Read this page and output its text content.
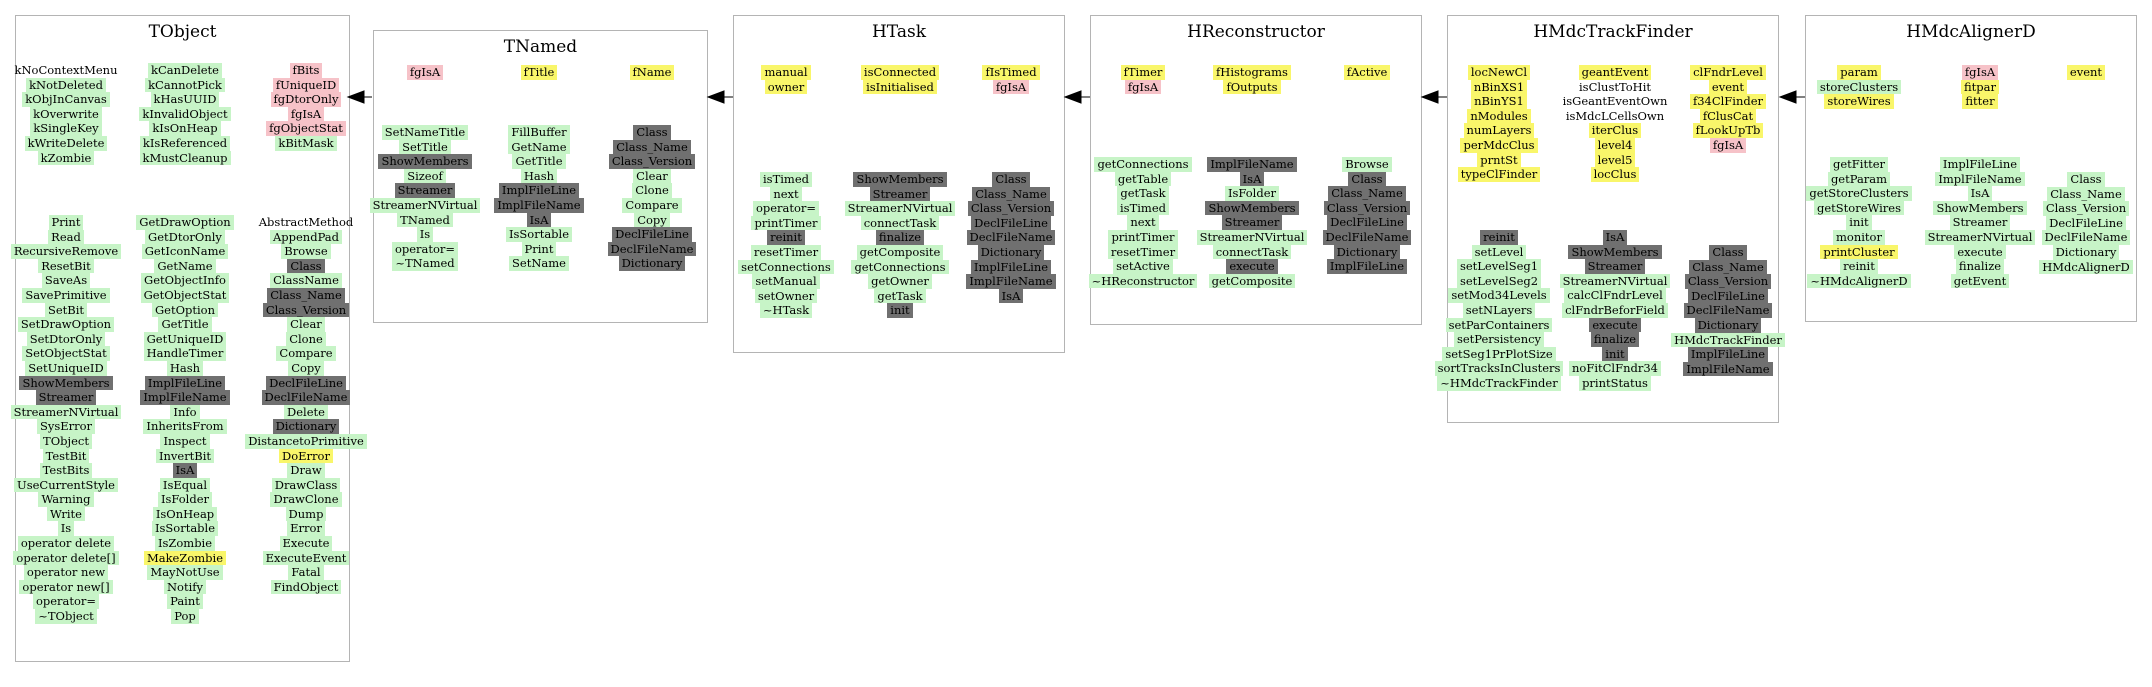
TObject
kNoContextMenu
kNotDeleted
kObjInCanvas
kOverwrite
kSingleKey
kWriteDelete
kZombie
kCanDelete
kCannotPick
kHasUUID
kInvalidObject
kIsOnHeap
kIsReferenced
kMustCleanup
fBits
fUniqueID
fgDtorOnly
fgIsA
fgObjectStat
kBitMask
Print
Read
RecursiveRemove
ResetBit
SaveAs
SavePrimitive
SetBit
SetDrawOption
SetDtorOnly
SetObjectStat
SetUniqueID
ShowMembers
Streamer
StreamerNVirtual
SysError
TObject
TestBit
TestBits
UseCurrentStyle
Warning
Write
Is
operator delete
operator delete[]
operator new
operator new[]
operator=
~TObject
GetDrawOption
GetDtorOnly
GetIconName
GetName
GetObjectInfo
GetObjectStat
GetOption
GetTitle
GetUniqueID
HandleTimer
Hash
ImplFileLine
ImplFileName
Info
InheritsFrom
Inspect
InvertBit
IsA
IsEqual
IsFolder
IsOnHeap
IsSortable
IsZombie
MakeZombie
MayNotUse
Notify
Paint
Pop
AbstractMethod
AppendPad
Browse
Class
ClassName
Class_Name
Class_Version
Clear
Clone
Compare
Copy
DeclFileLine
DeclFileName
Delete
Dictionary
DistancetoPrimitive
DoError
Draw
DrawClass
DrawClone
Dump
Error
Execute
ExecuteEvent
Fatal
FindObject
TNamed
fgIsA	fTitle	fName
SetNameTitle
SetTitle
ShowMembers
Sizeof
Streamer
StreamerNVirtual
TNamed
Is
operator=
~TNamed
FillBuffer
GetName
GetTitle
Hash
ImplFileLine
ImplFileName
IsA
IsSortable
Print
SetName
Class
Class_Name
Class_Version
Clear
Clone
Compare
Copy
DeclFileLine
DeclFileName
Dictionary
HTask
manual
owner
isConnected
isInitialised
fIsTimed
fgIsA
isTimed
next
operator=
printTimer
reinit
resetTimer
setConnections
setManual
setOwner
~HTask
ShowMembers
Streamer
StreamerNVirtual
connectTask
finalize
getComposite
getConnections
getOwner
getTask
init
Class
Class_Name
Class_Version
DeclFileLine
DeclFileName
Dictionary
ImplFileLine
ImplFileName
IsA
HReconstructor
fTimer
fgIsA
fHistograms
fOutputs
fActive
getConnections
getTable
getTask
isTimed
next
printTimer
resetTimer
setActive
~HReconstructor
ImplFileName
IsA
IsFolder
ShowMembers
Streamer
StreamerNVirtual
connectTask
execute
getComposite
Browse
Class
Class_Name
Class_Version
DeclFileLine
DeclFileName
Dictionary
ImplFileLine
HMdcTrackFinder
locNewCl
nBinXS1
nBinYS1
nModules
numLayers
perMdcClus
prntSt
typeClFinder
geantEvent
isClustToHit
isGeantEventOwn
isMdcLCellsOwn
iterClus
level4
level5
locClus
clFndrLevel
event
f34ClFinder
fClusCat
fLookUpTb
fgIsA
reinit
setLevel
setLevelSeg1
setLevelSeg2
setMod34Levels
setNLayers
setParContainers
setPersistency
setSeg1PrPlotSize
sortTracksInClusters
~HMdcTrackFinder
IsA
ShowMembers
Streamer
StreamerNVirtual
calcClFndrLevel
clFndrBeforField
execute
finalize
init
noFitClFndr34
printStatus
Class
Class_Name
Class_Version
DeclFileLine
DeclFileName
Dictionary
HMdcTrackFinder
ImplFileLine
ImplFileName
HMdcAlignerD
param
storeClusters
storeWires
fgIsA
fitpar
fitter
event
getFitter
getParam
getStoreClusters
getStoreWires
init
monitor
printCluster
reinit
~HMdcAlignerD
ImplFileLine
ImplFileName
IsA
ShowMembers
Streamer
StreamerNVirtual
execute
finalize
getEvent
Class
Class_Name
Class_Version
DeclFileLine
DeclFileName
Dictionary
HMdcAlignerD
